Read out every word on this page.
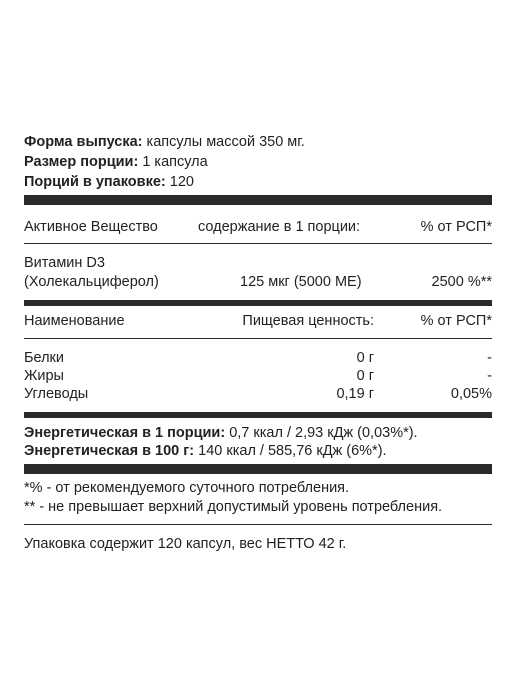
Форма выпуска: капсулы массой 350 мг.
Размер порции: 1 капсула
Порций в упаковке: 120
Активное Вещество	содержание в 1 порции:	% от РСП*
Витамин D3
(Холекальциферол)	125 мкг (5000 МЕ)	2500 %**
Наименование	Пищевая ценность:	% от РСП*
Белки	0 г	-
Жиры	0 г	-
Углеводы	0,19 г	0,05%
Энергетическая в 1 порции: 0,7 ккал / 2,93 кДж (0,03%*).
Энергетическая в 100 г: 140 ккал / 585,76 кДж (6%*).
*% - от рекомендуемого суточного потребления.
** - не превышает верхний допустимый уровень потребления.
Упаковка содержит 120 капсул, вес НЕТТО 42 г.
